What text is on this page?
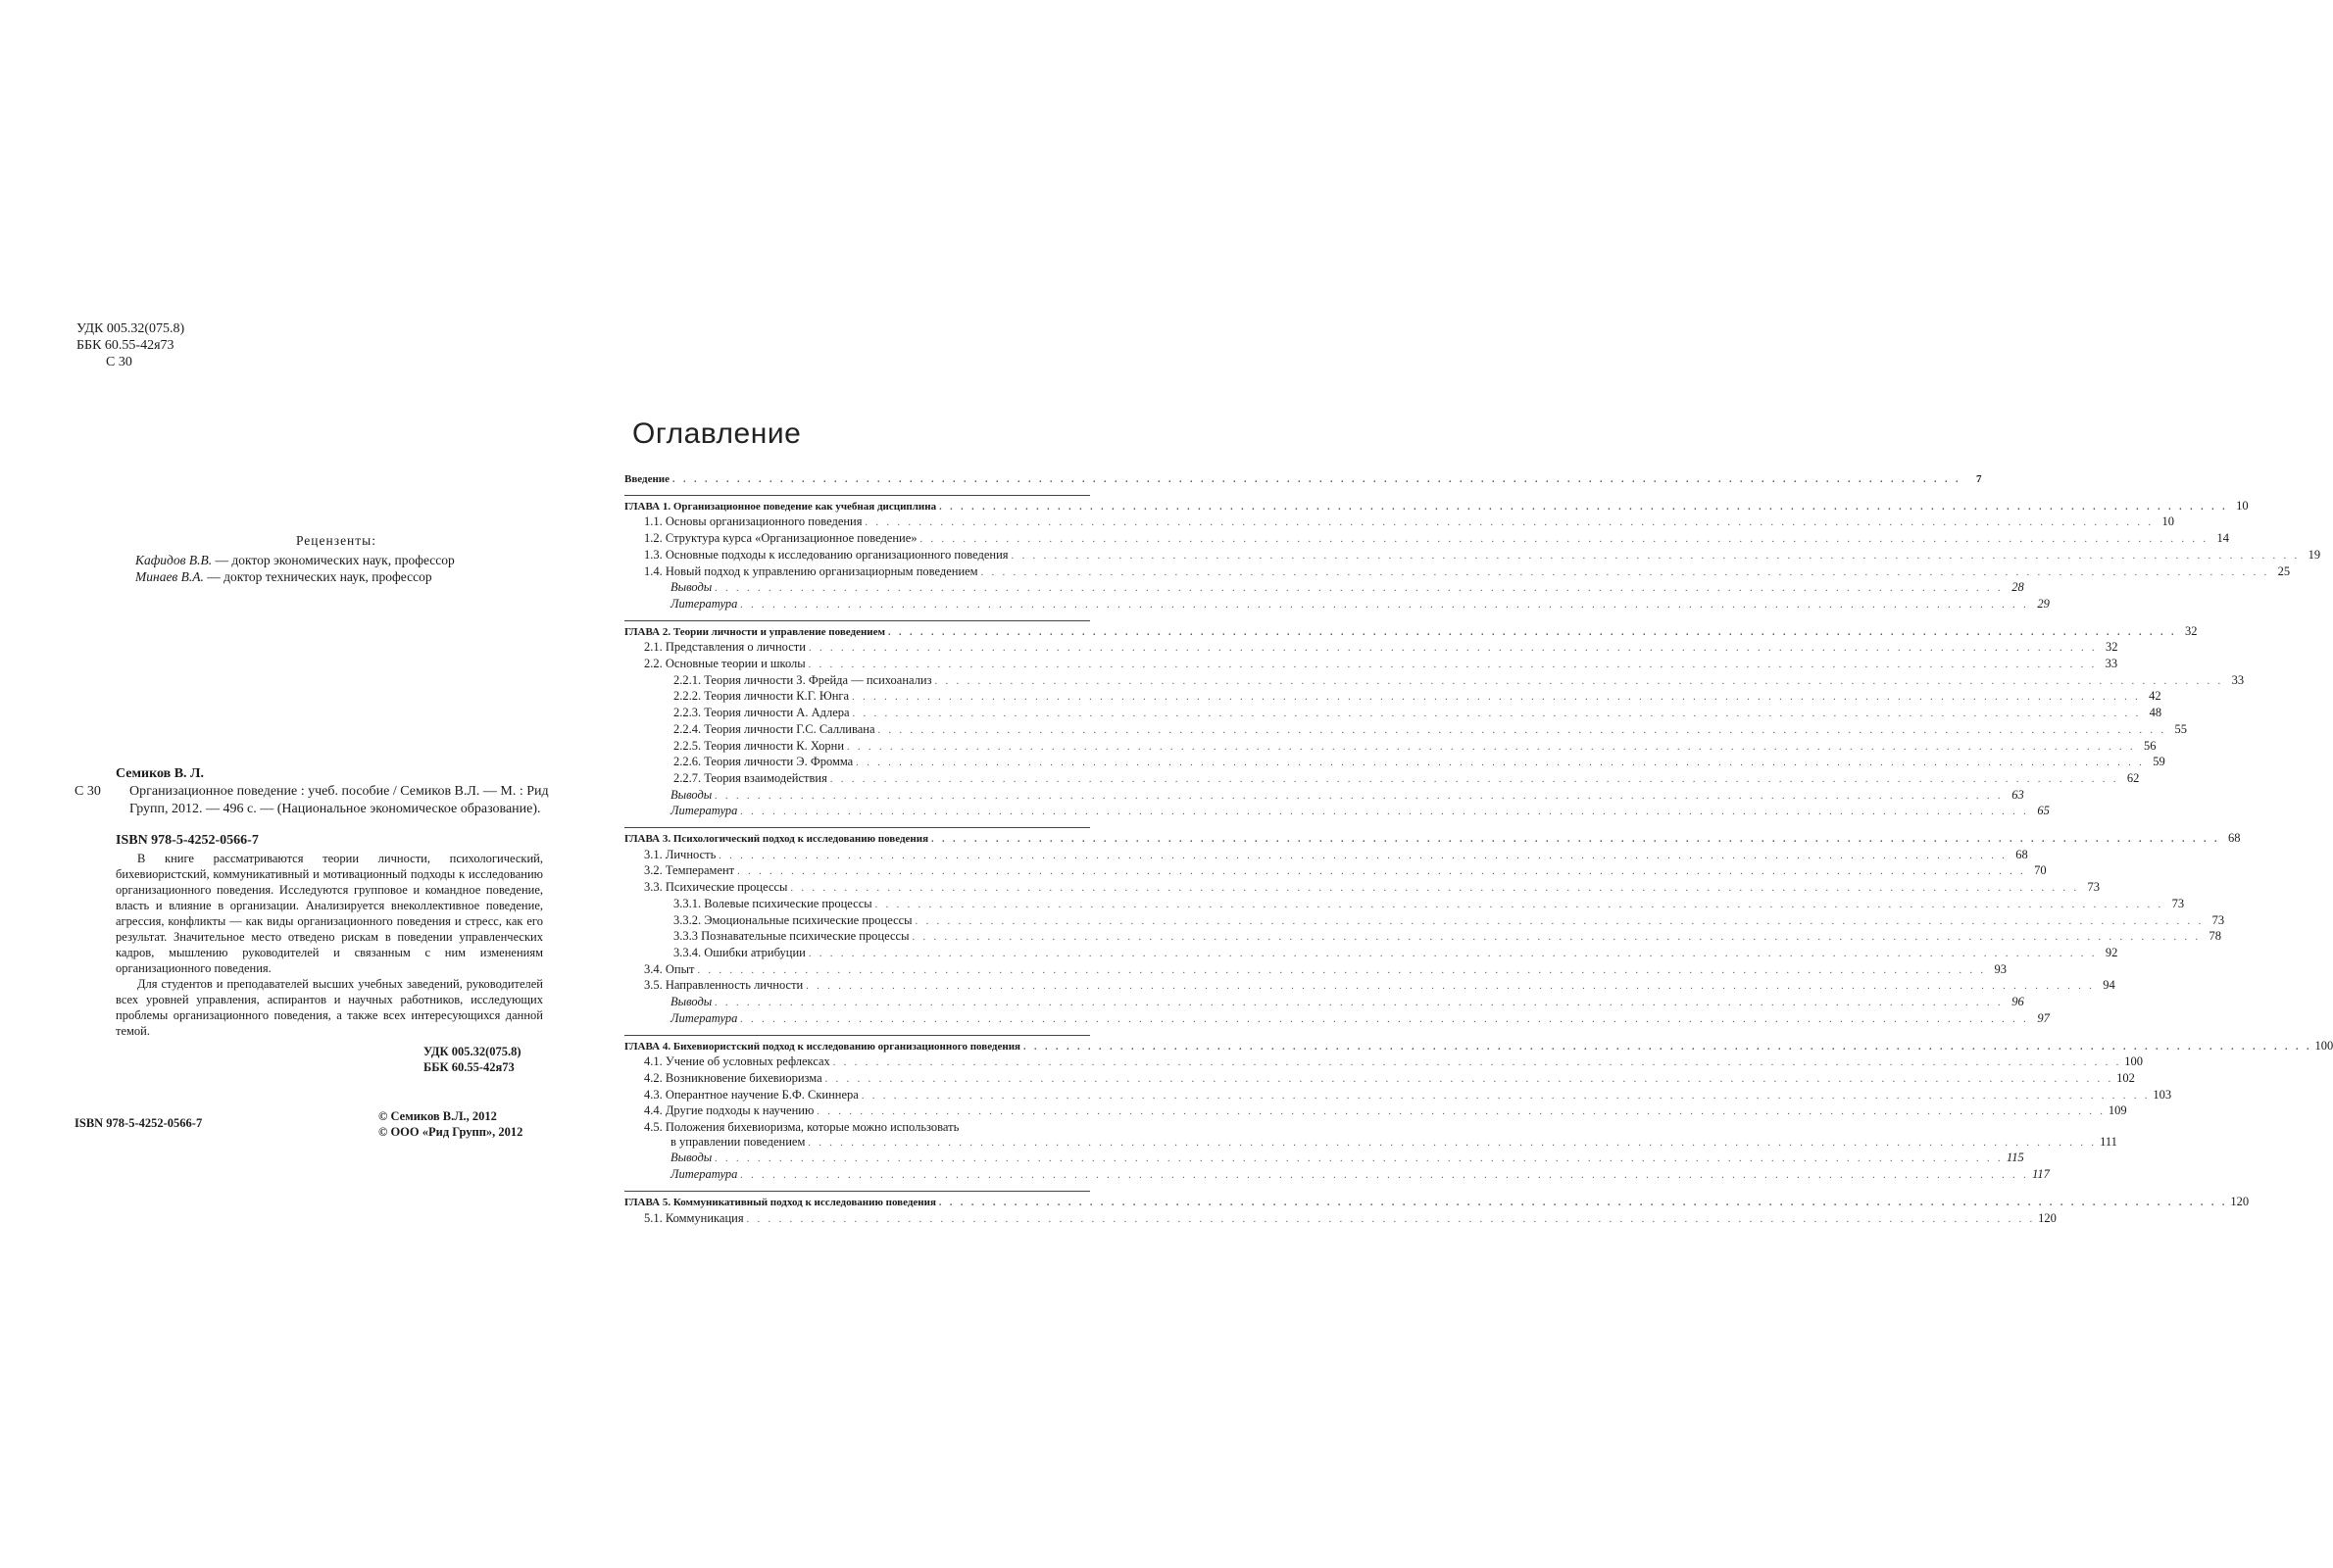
УДК 005.32(075.8)
ББК 60.55-42я73
С 30
Рецензенты:
Кафидов В.В. — доктор экономических наук, профессор
Минаев В.А. — доктор технических наук, профессор
Семиков В. Л.
С 30	Организационное поведение : учеб. пособие / Семиков В.Л. — М. : Рид Групп, 2012. — 496 с. — (Национальное экономическое образование).
ISBN 978-5-4252-0566-7

В книге рассматриваются теории личности, психологический, бихевиористский, коммуникативный и мотивационный подходы к исследованию организационного поведения. Исследуются групповое и командное поведение, власть и влияние в организации. Анализируется внеколлективное поведение, агрессия, конфликты — как виды организационного поведения и стресс, как его результат. Значительное место отведено рискам в поведении управленческих кадров, мышлению руководителей и связанным с ним изменениям организационного поведения.

Для студентов и преподавателей высших учебных заведений, руководителей всех уровней управления, аспирантов и научных работников, исследующих проблемы организационного поведения, а также всех интересующихся данной темой.

УДК 005.32(075.8)
ББК 60.55-42я73
ISBN 978-5-4252-0566-7	© Семиков В.Л., 2012
© ООО «Рид Групп», 2012
Оглавление
Введение . . . . . . . . . . . . . . . . . . . . . . . . . . . . . . . . . . . . . . . . . . . . . . . . . . . . . . . . . . . . . . . . . . . . . . . . . . . . . . . . . . . . . . . . . . . . . . . . . . . . . . . . . . . . . . . . . . . . . . . .	7
ГЛАВА 1. Организационное поведение как учебная дисциплина . . . . . . . . . . . . . . . . . . . . . . . . . . . . . . . . . . . . . . . . . . . . . . . . . . . . . . . . . . . . . . . . . . . . . . . . . . . . . . . . . . . . . . . . . . . . . . . . . . . . . . . . . . . . . . . . . . . . . . . . 10
1.1. Основы организационного поведения . . . . . . . . . . . . . . . . . . . . . . . . . . . . . . . . . . . . . . . . . . . . . . . . . . . . . . . . . . . . . . . . . . . . . . . . . . . . . . . . . . . . . . . . . . . . . . . . . . . . . . . . . . . . . . . . . . . . . . . . 10
1.2. Структура курса «Организационное поведение» . . . . . . . . . . . . . . . . . . . . . . . . . . . . . . . . . . . . . . . . . . . . . . . . . . . . . . . . . . . . . . . . . . . . . . . . . . . . . . . . . . . . . . . . . . . . . . . . . . . . . . . . . . . . . . . . . . . . . . . . 14
1.3. Основные подходы к исследованию организационного поведения . . . . . . . . . . . . . . . . . . . . . . . . . . . . . . . . . . . . . . . . . . . . . . . . . . . . . . . . . . . . . . . . . . . . . . . . . . . . . . . . . . . . . . . . . . . . . . . . . . . . . . . . . . . . . . . . . . . . . . . . 19
1.4. Новый подход к управлению организациорным поведением . . . . . . . . . . . . . . . . . . . . . . . . . . . . . . . . . . . . . . . . . . . . . . . . . . . . . . . . . . . . . . . . . . . . . . . . . . . . . . . . . . . . . . . . . . . . . . . . . . . . . . . . . . . . . . . . . . . . . . . . 25
Выводы . . . . . . . . . . . . . . . . . . . . . . . . . . . . . . . . . . . . . . . . . . . . . . . . . . . . . . . . . . . . . . . . . . . . . . . . . . . . . . . . . . . . . . . . . . . . . . . . . . . . . . . . . . . . . . . . . . . . . . . . 28
Литература . . . . . . . . . . . . . . . . . . . . . . . . . . . . . . . . . . . . . . . . . . . . . . . . . . . . . . . . . . . . . . . . . . . . . . . . . . . . . . . . . . . . . . . . . . . . . . . . . . . . . . . . . . . . . . . . . . . . . . . . 29
ГЛАВА 2. Теории личности и управление поведением . . . . . . . . . . . . . . . . . . . . . . . . . . . . . . . . . . . . . . . . . . . . . . . . . . . . . . . . . . . . . . . . . . . . . . . . . . . . . . . . . . . . . . . . . . . . . . . . . . . . . . . . . . . . . . . . . . . . . . . . 32
2.1. Представления о личности . . . . . . . . . . . . . . . . . . . . . . . . . . . . . . . . . . . . . . . . . . . . . . . . . . . . . . . . . . . . . . . . . . . . . . . . . . . . . . . . . . . . . . . . . . . . . . . . . . . . . . . . . . . . . . . . . . . . . . . . 32
2.2. Основные теории и школы . . . . . . . . . . . . . . . . . . . . . . . . . . . . . . . . . . . . . . . . . . . . . . . . . . . . . . . . . . . . . . . . . . . . . . . . . . . . . . . . . . . . . . . . . . . . . . . . . . . . . . . . . . . . . . . . . . . . . . . . 33
2.2.1. Теория личности З. Фрейда — психоанализ . . . . . . . . . . . . . . . . . . . . . . . . . . . . . . . . . . . . . . . . . . . . . . . . . . . . . . . . . . . . . . . . . . . . . . . . . . . . . . . . . . . . . . . . . . . . . . . . . . . . . . . . . . . . . . . . . . . . . . . . 33
2.2.2. Теория личности К.Г. Юнга . . . . . . . . . . . . . . . . . . . . . . . . . . . . . . . . . . . . . . . . . . . . . . . . . . . . . . . . . . . . . . . . . . . . . . . . . . . . . . . . . . . . . . . . . . . . . . . . . . . . . . . . . . . . . . . . . . . . . . . . 42
2.2.3. Теория личности А. Адлера . . . . . . . . . . . . . . . . . . . . . . . . . . . . . . . . . . . . . . . . . . . . . . . . . . . . . . . . . . . . . . . . . . . . . . . . . . . . . . . . . . . . . . . . . . . . . . . . . . . . . . . . . . . . . . . . . . . . . . . . 48
2.2.4. Теория личности Г.С. Салливана . . . . . . . . . . . . . . . . . . . . . . . . . . . . . . . . . . . . . . . . . . . . . . . . . . . . . . . . . . . . . . . . . . . . . . . . . . . . . . . . . . . . . . . . . . . . . . . . . . . . . . . . . . . . . . . . . . . . . . . . 55
2.2.5. Теория личности К. Хорни . . . . . . . . . . . . . . . . . . . . . . . . . . . . . . . . . . . . . . . . . . . . . . . . . . . . . . . . . . . . . . . . . . . . . . . . . . . . . . . . . . . . . . . . . . . . . . . . . . . . . . . . . . . . . . . . . . . . . . . . 56
2.2.6. Теория личности Э. Фромма . . . . . . . . . . . . . . . . . . . . . . . . . . . . . . . . . . . . . . . . . . . . . . . . . . . . . . . . . . . . . . . . . . . . . . . . . . . . . . . . . . . . . . . . . . . . . . . . . . . . . . . . . . . . . . . . . . . . . . . . 59
2.2.7. Теория взаимодействия . . . . . . . . . . . . . . . . . . . . . . . . . . . . . . . . . . . . . . . . . . . . . . . . . . . . . . . . . . . . . . . . . . . . . . . . . . . . . . . . . . . . . . . . . . . . . . . . . . . . . . . . . . . . . . . . . . . . . . . . 62
Выводы . . . . . . . . . . . . . . . . . . . . . . . . . . . . . . . . . . . . . . . . . . . . . . . . . . . . . . . . . . . . . . . . . . . . . . . . . . . . . . . . . . . . . . . . . . . . . . . . . . . . . . . . . . . . . . . . . . . . . . . . 63
Литература . . . . . . . . . . . . . . . . . . . . . . . . . . . . . . . . . . . . . . . . . . . . . . . . . . . . . . . . . . . . . . . . . . . . . . . . . . . . . . . . . . . . . . . . . . . . . . . . . . . . . . . . . . . . . . . . . . . . . . . . 65
ГЛАВА 3. Психологический подход к исследованию поведения . . . . . . . . . . . . . . . . . . . . . . . . . . . . . . . . . . . . . . . . . . . . . . . . . . . . . . . . . . . . . . . . . . . . . . . . . . . . . . . . . . . . . . . . . . . . . . . . . . . . . . . . . . . . . . . . . . . . . . . . 68
3.1. Личность . . . . . . . . . . . . . . . . . . . . . . . . . . . . . . . . . . . . . . . . . . . . . . . . . . . . . . . . . . . . . . . . . . . . . . . . . . . . . . . . . . . . . . . . . . . . . . . . . . . . . . . . . . . . . . . . . . . . . . . . 68
3.2. Темперамент . . . . . . . . . . . . . . . . . . . . . . . . . . . . . . . . . . . . . . . . . . . . . . . . . . . . . . . . . . . . . . . . . . . . . . . . . . . . . . . . . . . . . . . . . . . . . . . . . . . . . . . . . . . . . . . . . . . . . . . . 70
3.3. Психические процессы . . . . . . . . . . . . . . . . . . . . . . . . . . . . . . . . . . . . . . . . . . . . . . . . . . . . . . . . . . . . . . . . . . . . . . . . . . . . . . . . . . . . . . . . . . . . . . . . . . . . . . . . . . . . . . . . . . . . . . . . 73
3.3.1. Волевые психические процессы . . . . . . . . . . . . . . . . . . . . . . . . . . . . . . . . . . . . . . . . . . . . . . . . . . . . . . . . . . . . . . . . . . . . . . . . . . . . . . . . . . . . . . . . . . . . . . . . . . . . . . . . . . . . . . . . . . . . . . . . 73
3.3.2. Эмоциональные психические процессы . . . . . . . . . . . . . . . . . . . . . . . . . . . . . . . . . . . . . . . . . . . . . . . . . . . . . . . . . . . . . . . . . . . . . . . . . . . . . . . . . . . . . . . . . . . . . . . . . . . . . . . . . . . . . . . . . . . . . . . . 73
3.3.3 Познавательные психические процессы . . . . . . . . . . . . . . . . . . . . . . . . . . . . . . . . . . . . . . . . . . . . . . . . . . . . . . . . . . . . . . . . . . . . . . . . . . . . . . . . . . . . . . . . . . . . . . . . . . . . . . . . . . . . . . . . . . . . . . . . 78
3.3.4. Ошибки атрибуции . . . . . . . . . . . . . . . . . . . . . . . . . . . . . . . . . . . . . . . . . . . . . . . . . . . . . . . . . . . . . . . . . . . . . . . . . . . . . . . . . . . . . . . . . . . . . . . . . . . . . . . . . . . . . . . . . . . . . . . . 92
3.4. Опыт . . . . . . . . . . . . . . . . . . . . . . . . . . . . . . . . . . . . . . . . . . . . . . . . . . . . . . . . . . . . . . . . . . . . . . . . . . . . . . . . . . . . . . . . . . . . . . . . . . . . . . . . . . . . . . . . . . . . . . . . 93
3.5. Направленность личности . . . . . . . . . . . . . . . . . . . . . . . . . . . . . . . . . . . . . . . . . . . . . . . . . . . . . . . . . . . . . . . . . . . . . . . . . . . . . . . . . . . . . . . . . . . . . . . . . . . . . . . . . . . . . . . . . . . . . . . . 94
Выводы . . . . . . . . . . . . . . . . . . . . . . . . . . . . . . . . . . . . . . . . . . . . . . . . . . . . . . . . . . . . . . . . . . . . . . . . . . . . . . . . . . . . . . . . . . . . . . . . . . . . . . . . . . . . . . . . . . . . . . . . 96
Литература . . . . . . . . . . . . . . . . . . . . . . . . . . . . . . . . . . . . . . . . . . . . . . . . . . . . . . . . . . . . . . . . . . . . . . . . . . . . . . . . . . . . . . . . . . . . . . . . . . . . . . . . . . . . . . . . . . . . . . . . 97
ГЛАВА 4. Бихевиористский подход к исследованию организационного поведения . . . . . . . . . . . . . . . . . . . . . . . . . . . . . . . . . . . . . . . . . . . . . . . . . . . . . . . . . . . . . . . . . . . . . . . . . . . . . . . . . . . . . . . . . . . . . . . . . . . . . . . . . . . . . . . . . . . . . . . . 100
4.1. Учение об условных рефлексах . . . . . . . . . . . . . . . . . . . . . . . . . . . . . . . . . . . . . . . . . . . . . . . . . . . . . . . . . . . . . . . . . . . . . . . . . . . . . . . . . . . . . . . . . . . . . . . . . . . . . . . . . . . . . . . . . . . . . . . . 100
4.2. Возникновение бихевиоризма . . . . . . . . . . . . . . . . . . . . . . . . . . . . . . . . . . . . . . . . . . . . . . . . . . . . . . . . . . . . . . . . . . . . . . . . . . . . . . . . . . . . . . . . . . . . . . . . . . . . . . . . . . . . . . . . . . . . . . . . 102
4.3. Оперантное научение Б.Ф. Скиннера . . . . . . . . . . . . . . . . . . . . . . . . . . . . . . . . . . . . . . . . . . . . . . . . . . . . . . . . . . . . . . . . . . . . . . . . . . . . . . . . . . . . . . . . . . . . . . . . . . . . . . . . . . . . . . . . . . . . . . . . 103
4.4. Другие подходы к научению . . . . . . . . . . . . . . . . . . . . . . . . . . . . . . . . . . . . . . . . . . . . . . . . . . . . . . . . . . . . . . . . . . . . . . . . . . . . . . . . . . . . . . . . . . . . . . . . . . . . . . . . . . . . . . . . . . . . . . . . 109
4.5. Положения бихевиоризма, которые можно использовать
в управлении поведением . . . . . . . . . . . . . . . . . . . . . . . . . . . . . . . . . . . . . . . . . . . . . . . . . . . . . . . . . . . . . . . . . . . . . . . . . . . . . . . . . . . . . . . . . . . . . . . . . . . . . . . . . . . . . . . . . . . . . . . . 111
Выводы . . . . . . . . . . . . . . . . . . . . . . . . . . . . . . . . . . . . . . . . . . . . . . . . . . . . . . . . . . . . . . . . . . . . . . . . . . . . . . . . . . . . . . . . . . . . . . . . . . . . . . . . . . . . . . . . . . . . . . . . 115
Литература . . . . . . . . . . . . . . . . . . . . . . . . . . . . . . . . . . . . . . . . . . . . . . . . . . . . . . . . . . . . . . . . . . . . . . . . . . . . . . . . . . . . . . . . . . . . . . . . . . . . . . . . . . . . . . . . . . . . . . . . 117
ГЛАВА 5. Коммуникативный подход к исследованию поведения . . . . . . . . . . . . . . . . . . . . . . . . . . . . . . . . . . . . . . . . . . . . . . . . . . . . . . . . . . . . . . . . . . . . . . . . . . . . . . . . . . . . . . . . . . . . . . . . . . . . . . . . . . . . . . . . . . . . . . . . 120
5.1. Коммуникация . . . . . . . . . . . . . . . . . . . . . . . . . . . . . . . . . . . . . . . . . . . . . . . . . . . . . . . . . . . . . . . . . . . . . . . . . . . . . . . . . . . . . . . . . . . . . . . . . . . . . . . . . . . . . . . . . . . . . . . . 120
